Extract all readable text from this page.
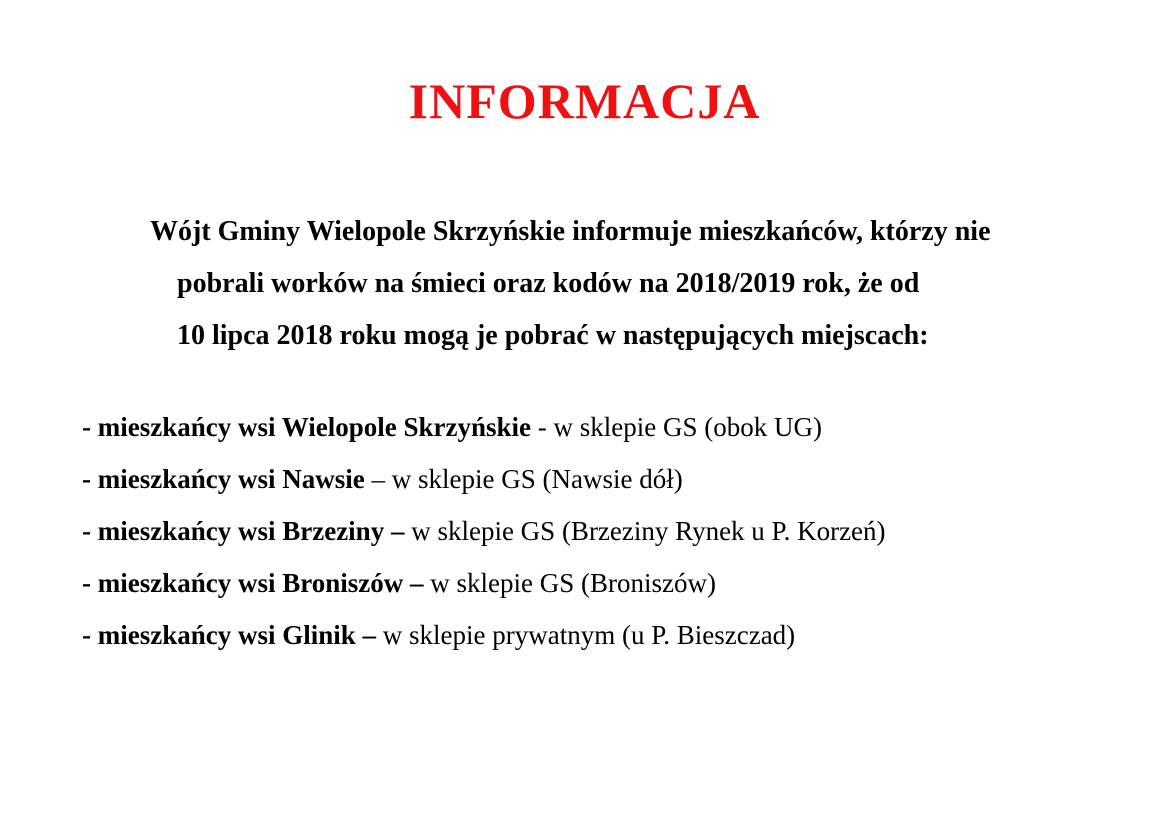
INFORMACJA

Wójt Gminy Wielopole Skrzyńskie informuje mieszkańców, którzy nie

pobrali worków na śmieci oraz kodów na 2018/2019 rok, że od

10 lipca 2018 roku mogą je pobrać w następujących miejscach:

- mieszkańcy wsi Wielopole Skrzyńskie - w sklepie GS (obok UG)

- mieszkańcy wsi Nawsie – w sklepie GS (Nawsie dół)

- mieszkańcy wsi Brzeziny – w sklepie GS (Brzeziny Rynek u P. Korzeń)

- mieszkańcy wsi Broniszów – w sklepie GS (Broniszów)

- mieszkańcy wsi Glinik – w sklepie prywatnym (u P. Bieszczad)
